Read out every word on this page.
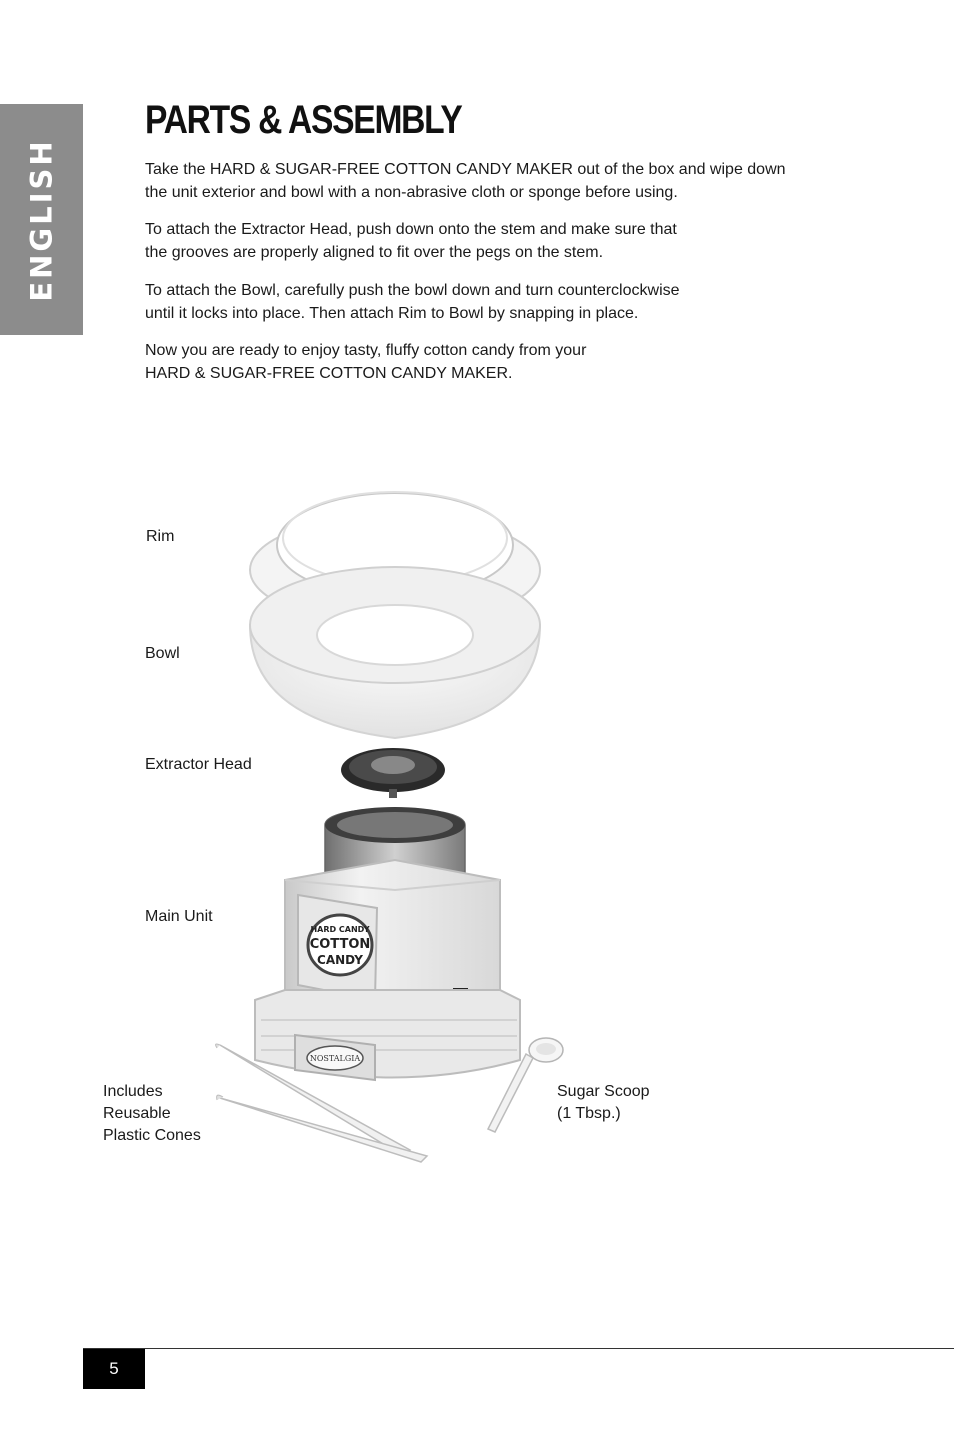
ENGLISH
PARTS & ASSEMBLY

Take the HARD & SUGAR-FREE COTTON CANDY MAKER out of the box and wipe down
the unit exterior and bowl with a non-abrasive cloth or sponge before using.

To attach the Extractor Head, push down onto the stem and make sure that
the grooves are properly aligned to fit over the pegs on the stem.

To attach the Bowl, carefully push the bowl down and turn counterclockwise
until it locks into place. Then attach Rim to Bowl by snapping in place.

Now you are ready to enjoy tasty, fluffy cotton candy from your
HARD & SUGAR-FREE COTTON CANDY MAKER.

Rim

Bowl

Extractor Head

Main Unit

Includes
Reusable
Plastic Cones

Sugar Scoop
(1 Tbsp.)

HARD CANDY
COTTON
CANDY
NOSTALGIA
5
